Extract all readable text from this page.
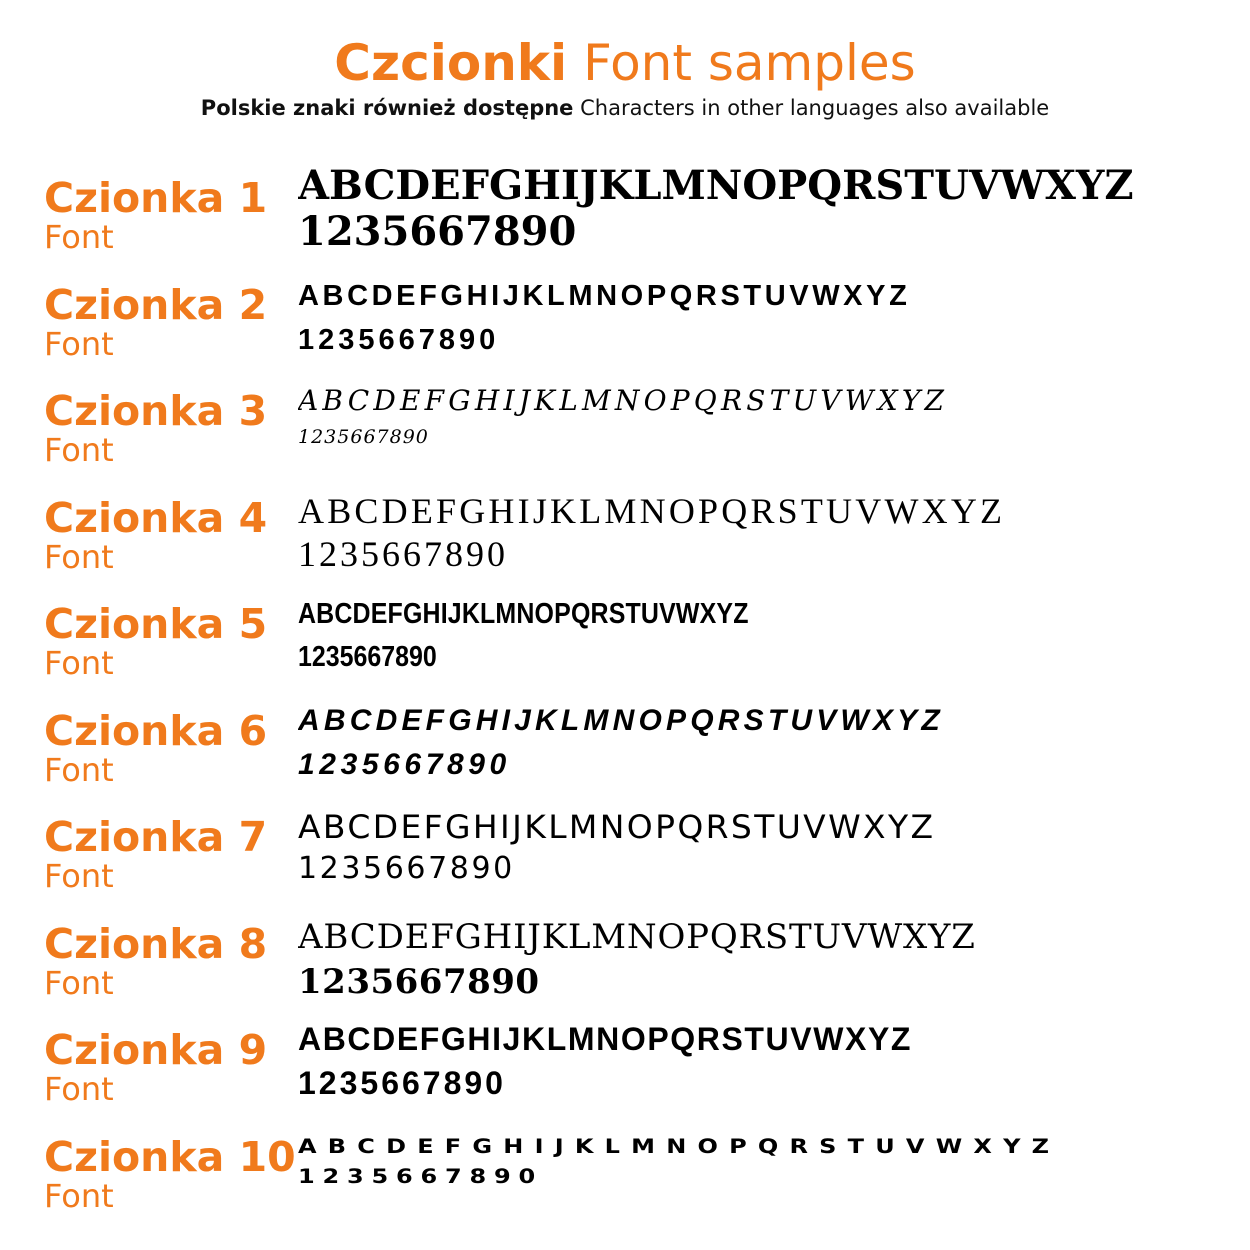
Czcionki Font samples
Polskie znaki również dostępne Characters in other languages also available
Czionka 1
Font
ABCDEFGHIJKLMNOPQRSTUVWXYZ
1235667890
Czionka 2
Font
ABCDEFGHIJKLMNOPQRSTUVWXYZ
1235667890
Czionka 3
Font
ABCDEFGHIJKLMNOPQRSTUVWXYZ
1235667890
Czionka 4
Font
ABCDEFGHIJKLMNOPQRSTUVWXYZ
1235667890
Czionka 5
Font
ABCDEFGHIJKLMNOPQRSTUVWXYZ
1235667890
Czionka 6
Font
ABCDEFGHIJKLMNOPQRSTUVWXYZ
1235667890
Czionka 7
Font
ABCDEFGHIJKLMNOPQRSTUVWXYZ
1235667890
Czionka 8
Font
ABCDEFGHIJKLMNOPQRSTUVWXYZ
1235667890
Czionka 9
Font
ABCDEFGHIJKLMNOPQRSTUVWXYZ
1235667890
Czionka 10
Font
ABCDEFGHIJKLMNOPQRSTUVWXYZ
1235667890
